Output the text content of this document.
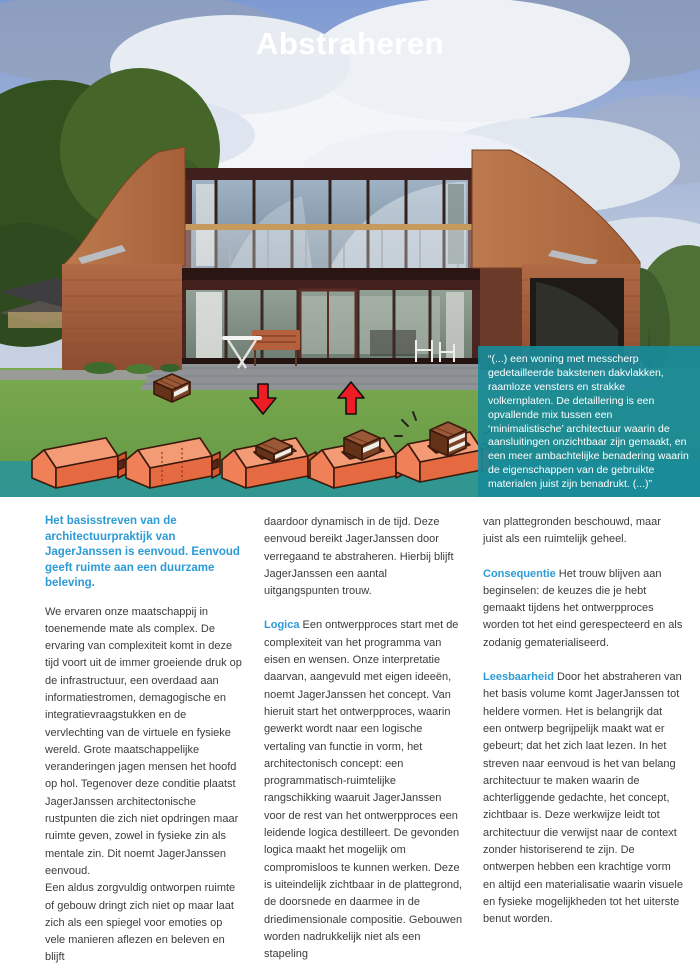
Abstraheren
“(...) een woning met messcherp gedetailleerde bakstenen dakvlakken, raamloze vensters en strakke volkernplaten. De detaillering is een opvallende mix tussen een ‘minimalistische’ architectuur waarin de aansluitingen onzichtbaar zijn gemaakt, en een meer ambachtelijke benadering waarin de eigenschappen van de gebruikte materialen juist zijn benadrukt. (...)”
fotografie: Rob 't Hart

Het basisstreven van de architectuurpraktijk van JagerJanssen is eenvoud. Eenvoud geeft ruimte aan een duurzame beleving.

We ervaren onze maatschappij in toenemende mate als complex. De ervaring van complexiteit komt in deze tijd voort uit de immer groeiende druk op de infrastructuur, een overdaad aan informatiestromen, demagogische en integratievraagstukken en de vervlechting van de virtuele en fysieke wereld. Grote maatschappelijke veranderingen jagen mensen het hoofd op hol. Tegenover deze conditie plaatst JagerJanssen architectonische rustpunten die zich niet opdringen maar ruimte geven, zowel in fysieke zin als mentale zin. Dit noemt JagerJanssen eenvoud.

Een aldus zorgvuldig ontworpen ruimte of gebouw dringt zich niet op maar laat zich als een spiegel voor emoties op vele manieren aflezen en beleven en blijft

daardoor dynamisch in de tijd. Deze eenvoud bereikt JagerJanssen door verregaand te abstraheren. Hierbij blijft JagerJanssen een aantal uitgangspunten trouw.

Logica Een ontwerpproces start met de complexiteit van het programma van eisen en wensen. Onze interpretatie daarvan, aangevuld met eigen ideeën, noemt JagerJanssen het concept. Van hieruit start het ontwerpproces, waarin gewerkt wordt naar een logische vertaling van functie in vorm, het architectonisch concept: een programmatisch-ruimtelijke rangschikking waaruit JagerJanssen voor de rest van het ontwerpproces een leidende logica destilleert. De gevonden logica maakt het mogelijk om compromisloos te kunnen werken. Deze is uiteindelijk zichtbaar in de plattegrond, de doorsnede en daarmee in de driedimensionale compositie. Gebouwen worden nadrukkelijk niet als een stapeling

van plattegronden beschouwd, maar juist als een ruimtelijk geheel.

Consequentie Het trouw blijven aan beginselen: de keuzes die je hebt gemaakt tijdens het ontwerpproces worden tot het eind gerespecteerd en als zodanig gematerialiseerd.

Leesbaarheid Door het abstraheren van het basis volume komt JagerJanssen tot heldere vormen. Het is belangrijk dat een ontwerp begrijpelijk maakt wat er gebeurt; dat het zich laat lezen. In het streven naar eenvoud is het van belang architectuur te maken waarin de achterliggende gedachte, het concept, zichtbaar is. Deze werkwijze leidt tot architectuur die verwijst naar de context zonder historiserend te zijn. De ontwerpen hebben een krachtige vorm en altijd een materialisatie waarin visuele en fysieke mogelijkheden tot het uiterste benut worden.
